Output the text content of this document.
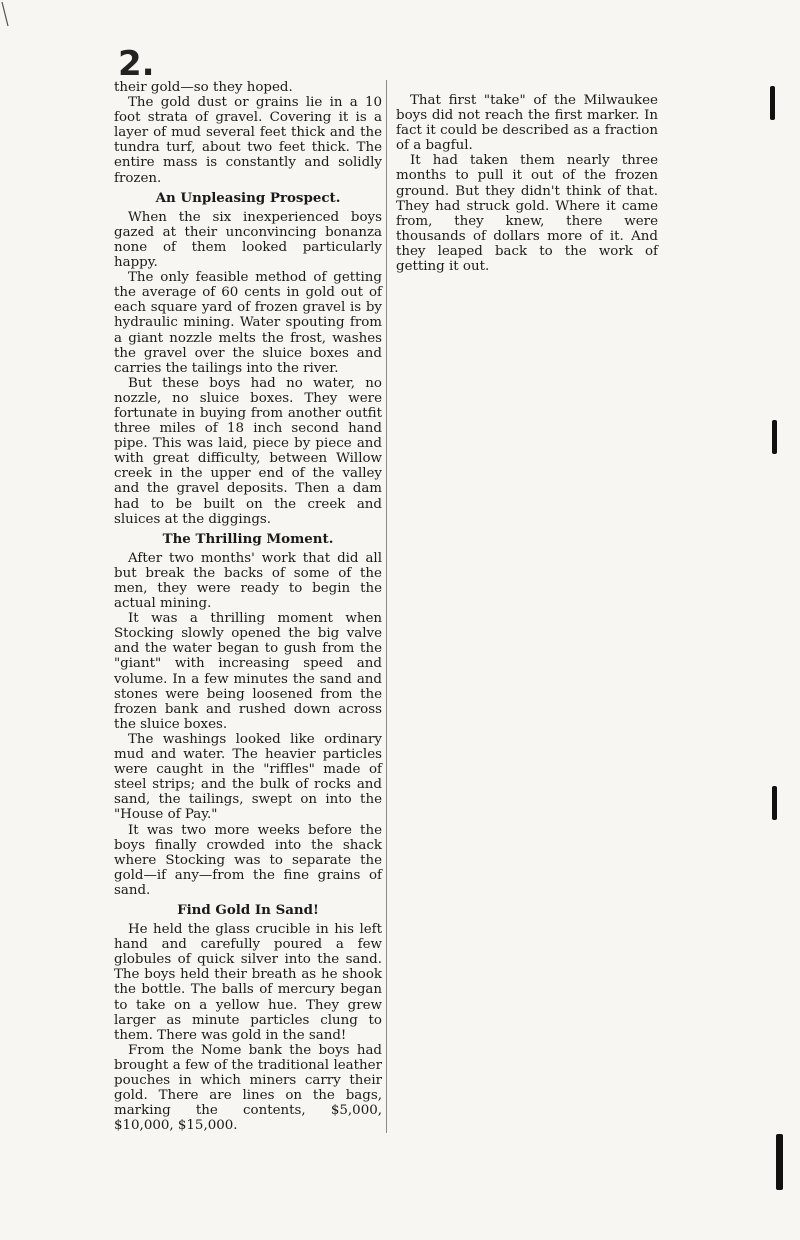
2.

their gold—so they hoped.

The gold dust or grains lie in a 10 foot strata of gravel. Covering it is a layer of mud several feet thick and the tundra turf, about two feet thick. The entire mass is constantly and solidly frozen.

An Unpleasing Prospect.

When the six inexperienced boys gazed at their unconvincing bonanza none of them looked particularly happy.

The only feasible method of getting the average of 60 cents in gold out of each square yard of frozen gravel is by hydraulic mining. Water spouting from a giant nozzle melts the frost, washes the gravel over the sluice boxes and carries the tailings into the river.

But these boys had no water, no nozzle, no sluice boxes. They were fortunate in buying from another outfit three miles of 18 inch second hand pipe. This was laid, piece by piece and with great difficulty, between Willow creek in the upper end of the valley and the gravel deposits. Then a dam had to be built on the creek and sluices at the diggings.

The Thrilling Moment.

After two months' work that did all but break the backs of some of the men, they were ready to begin the actual mining.

It was a thrilling moment when Stocking slowly opened the big valve and the water began to gush from the "giant" with increasing speed and volume. In a few minutes the sand and stones were being loosened from the frozen bank and rushed down across the sluice boxes.

The washings looked like ordinary mud and water. The heavier particles were caught in the "riffles" made of steel strips; and the bulk of rocks and sand, the tailings, swept on into the "House of Pay."

It was two more weeks before the boys finally crowded into the shack where Stocking was to separate the gold—if any—from the fine grains of sand.

Find Gold In Sand!

He held the glass crucible in his left hand and carefully poured a few globules of quick silver into the sand. The boys held their breath as he shook the bottle. The balls of mercury began to take on a yellow hue. They grew larger as minute particles clung to them. There was gold in the sand!

From the Nome bank the boys had brought a few of the traditional leather pouches in which miners carry their gold. There are lines on the bags, marking the contents, $5,000, $10,000, $15,000.

That first "take" of the Milwaukee boys did not reach the first marker. In fact it could be described as a fraction of a bagful.

It had taken them nearly three months to pull it out of the frozen ground. But they didn't think of that. They had struck gold. Where it came from, they knew, there were thousands of dollars more of it. And they leaped back to the work of getting it out.
